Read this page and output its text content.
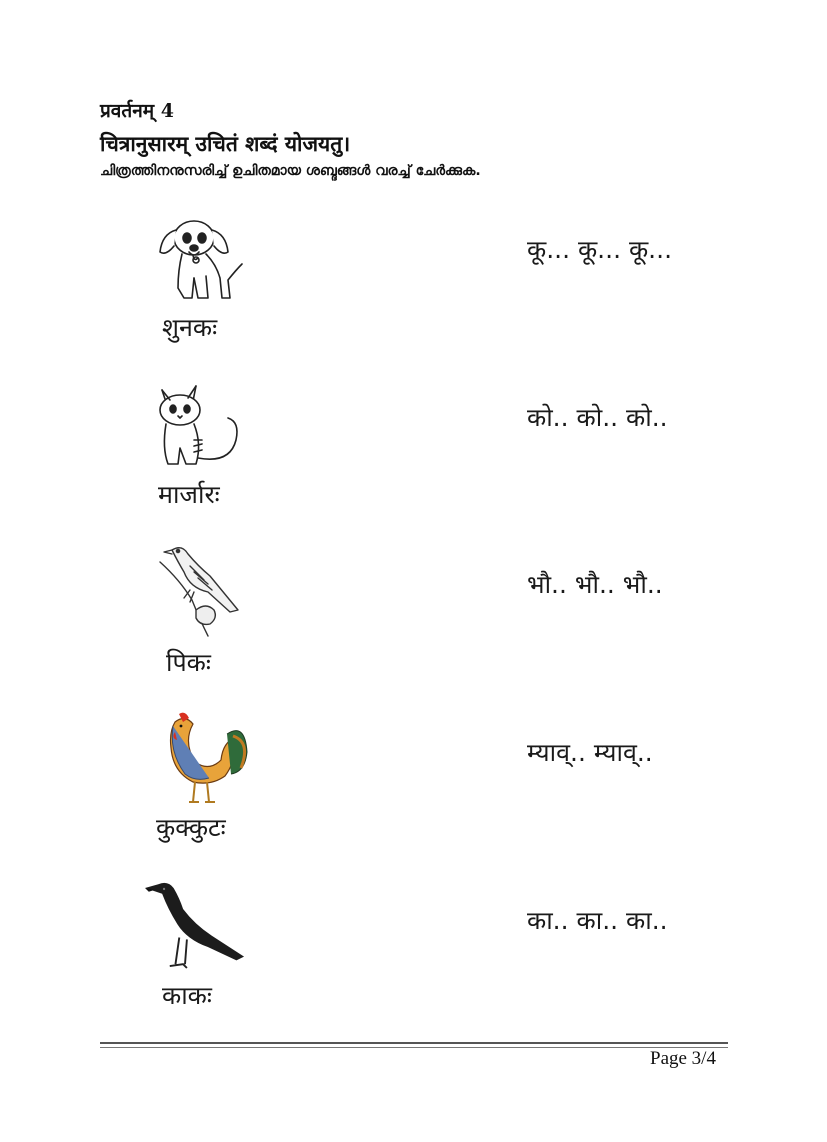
प्रवर्तनम् 4
चित्रानुसारम् उचितं शब्दं योजयतु।
ചിത്രത്തിനനുസരിച്ച് ഉചിതമായ ശബ്ദങ്ങൾ വരച്ച് ചേർക്കുക.
शुनकः
मार्जारः
पिकः
कुक्कुटः
काकः
कू... कू... कू...
को.. को.. को..
भौ.. भौ.. भौ..
म्याव्.. म्याव्..
का.. का.. का..
Page 3/4
